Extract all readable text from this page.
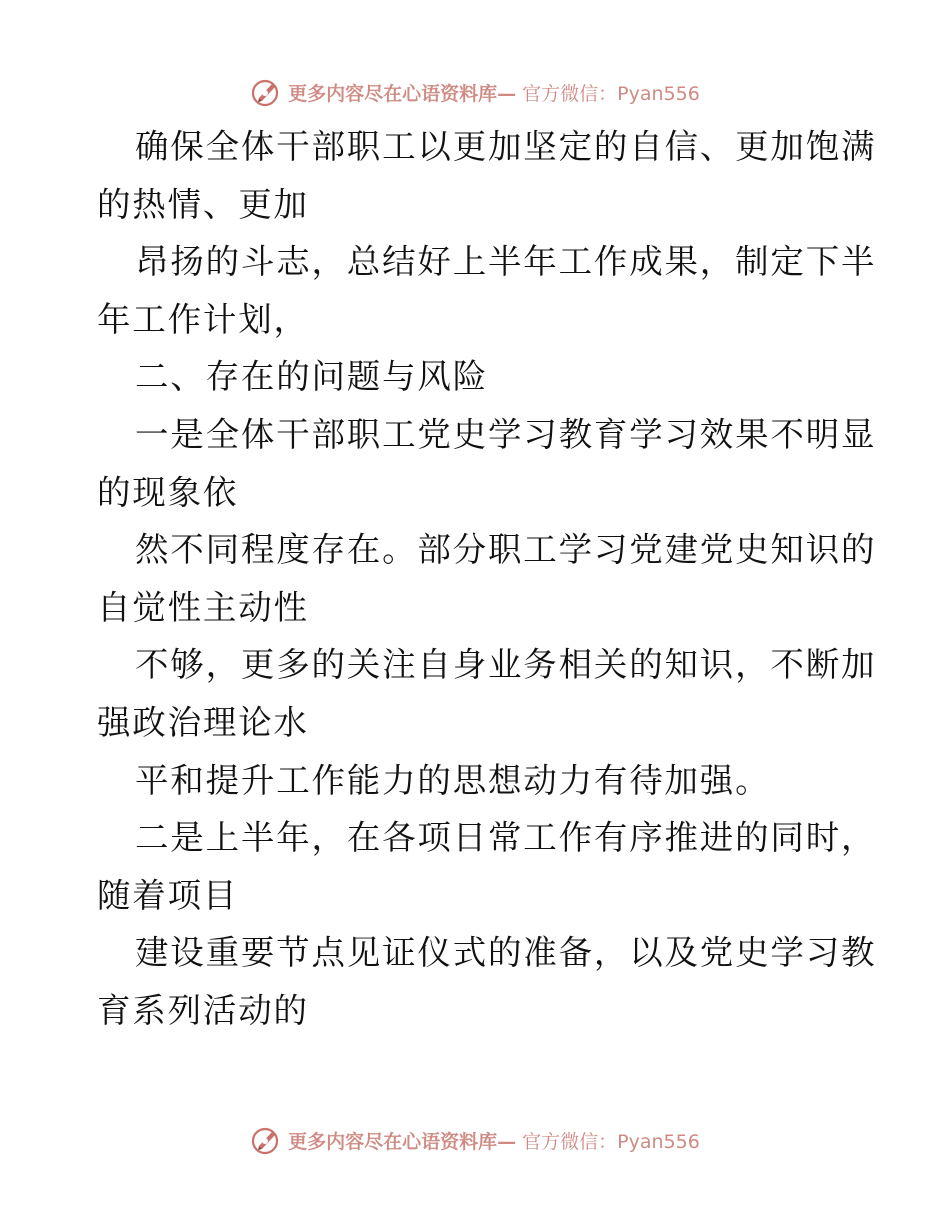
更多内容尽在心语资料库— 官方微信：Pyan556
确保全体干部职工以更加坚定的自信、更加饱满
的热情、更加
昂扬的斗志，总结好上半年工作成果，制定下半
年工作计划，
二、存在的问题与风险
一是全体干部职工党史学习教育学习效果不明显
的现象依
然不同程度存在。部分职工学习党建党史知识的
自觉性主动性
不够，更多的关注自身业务相关的知识，不断加
强政治理论水
平和提升工作能力的思想动力有待加强。
二是上半年，在各项日常工作有序推进的同时，
随着项目
建设重要节点见证仪式的准备，以及党史学习教
育系列活动的
更多内容尽在心语资料库— 官方微信：Pyan556
